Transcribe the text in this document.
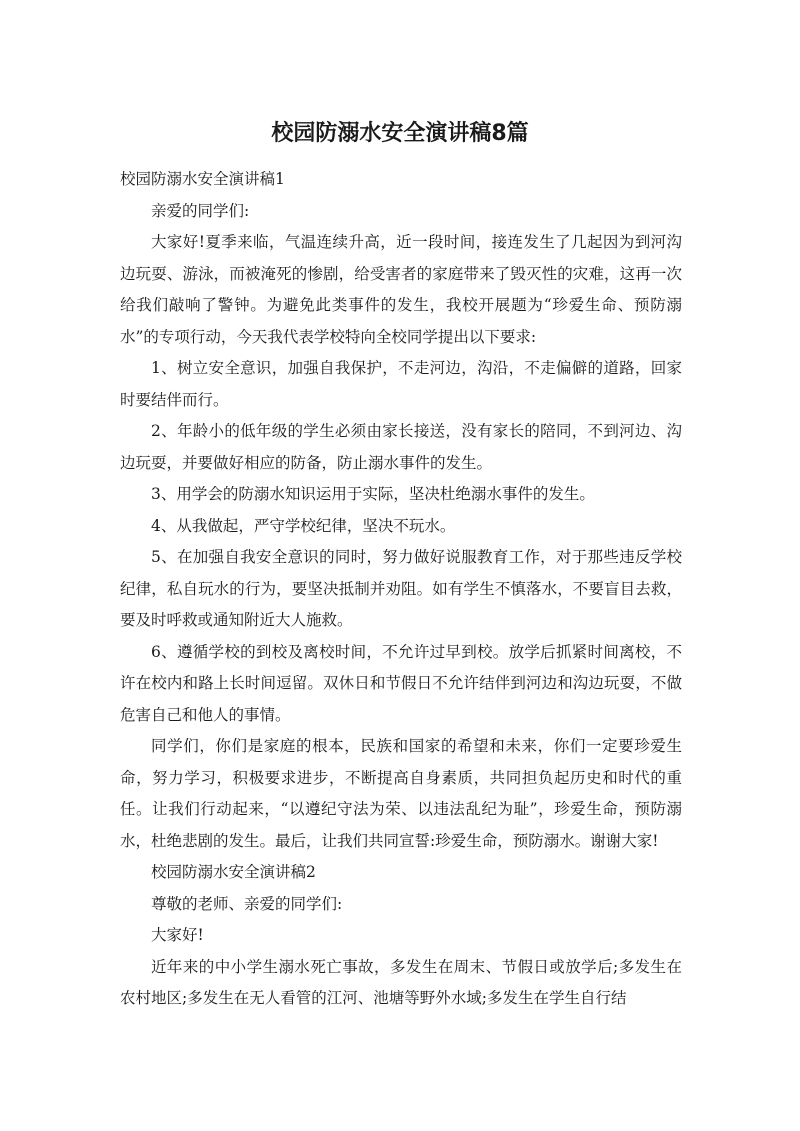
校园防溺水安全演讲稿8篇

校园防溺水安全演讲稿1

亲爱的同学们:

大家好!夏季来临，气温连续升高，近一段时间，接连发生了几起因为到河沟边玩耍、游泳，而被淹死的惨剧，给受害者的家庭带来了毁灭性的灾难，这再一次给我们敲响了警钟。为避免此类事件的发生，我校开展题为“珍爱生命、预防溺水”的专项行动，今天我代表学校特向全校同学提出以下要求:

1、树立安全意识，加强自我保护，不走河边，沟沿，不走偏僻的道路，回家时要结伴而行。

2、年龄小的低年级的学生必须由家长接送，没有家长的陪同，不到河边、沟边玩耍，并要做好相应的防备，防止溺水事件的发生。

3、用学会的防溺水知识运用于实际，坚决杜绝溺水事件的发生。

4、从我做起，严守学校纪律，坚决不玩水。

5、在加强自我安全意识的同时，努力做好说服教育工作，对于那些违反学校纪律，私自玩水的行为，要坚决抵制并劝阻。如有学生不慎落水，不要盲目去救，要及时呼救或通知附近大人施救。

6、遵循学校的到校及离校时间，不允许过早到校。放学后抓紧时间离校，不许在校内和路上长时间逗留。双休日和节假日不允许结伴到河边和沟边玩耍，不做危害自己和他人的事情。

同学们，你们是家庭的根本，民族和国家的希望和未来，你们一定要珍爱生命，努力学习，积极要求进步，不断提高自身素质，共同担负起历史和时代的重任。让我们行动起来，“以遵纪守法为荣、以违法乱纪为耻”，珍爱生命，预防溺水，杜绝悲剧的发生。最后，让我们共同宣誓:珍爱生命，预防溺水。谢谢大家!

校园防溺水安全演讲稿2

尊敬的老师、亲爱的同学们:

大家好!

近年来的中小学生溺水死亡事故，多发生在周末、节假日或放学后;多发生在农村地区;多发生在无人看管的江河、池塘等野外水域;多发生在学生自行结
